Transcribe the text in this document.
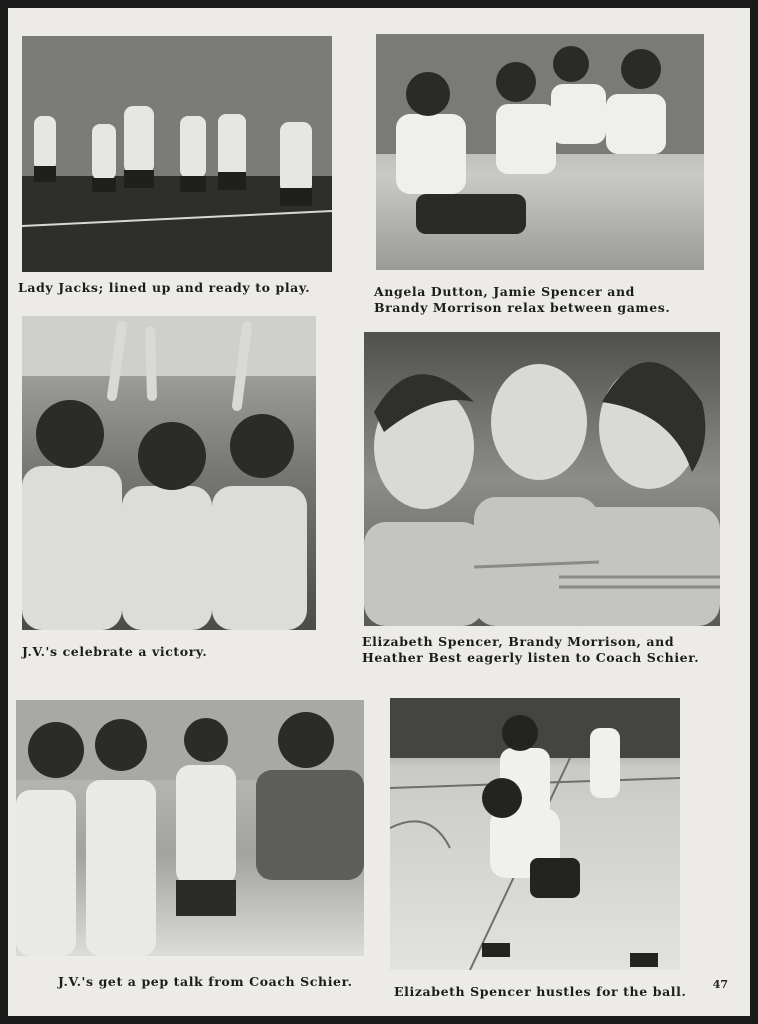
Lady Jacks; lined up and ready to play.	Angela Dutton, Jamie Spencer and
Brandy Morrison relax between games.
J.V.'s celebrate a victory.
Elizabeth Spencer, Brandy Morrison, and
Heather Best eagerly listen to Coach Schier.
J.V.'s get a pep talk from Coach Schier.
Elizabeth Spencer hustles for the ball. 47
